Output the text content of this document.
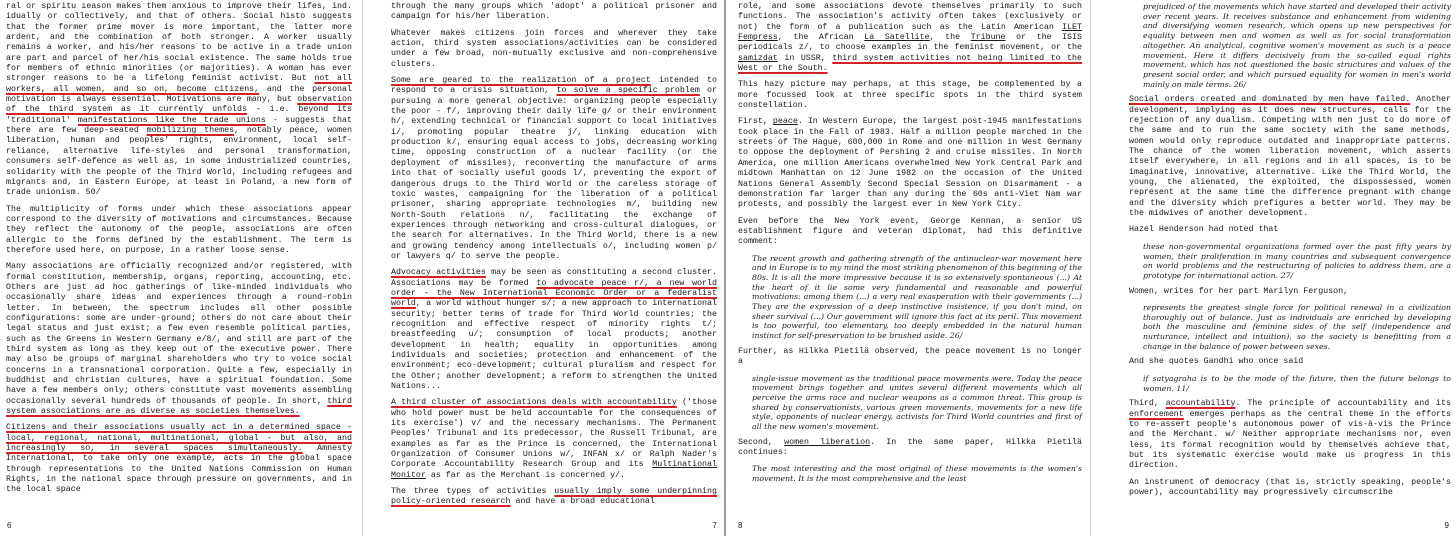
ral or spiritu ıeason makes them anxious to improve their lifes, ind. idually or collectively, and that of others. Social histo suggests that the former prime mover is more important, the latter more ardent, and the combination of both stronger. A worker usually remains a worker, and his/her reasons to be active in a trade union are part and parcel of her/his social existence. The same holds true for members of ethnic minorities (or majorities). A woman has ever stronger reasons to be a lifelong feminist activist. But not all workers, all women, and so on, become citizens, and the personal motivation is always essential. Motivations are many, but observation of the third system as it currently unfolds - i.e. beyond its 'traditional' manifestations like the trade unions - suggests that there are few deep-seated mobilizing themes, notably peace, women liberation, human and peoples' rights, environment, local self-reliance, alternative life-styles and personal transformation, consumers self-defence as well as, in some industrialized countries, solidarity with the people of the Third World, including refugees and migrants and, in Eastern Europe, at least in Poland, a new form of trade unionism. 50/

The multiplicity of forms under which these associations appear correspond to the diversity of motivations and circumstances. Because they reflect the autonomy of the people, associations are often allergic to the forms defined by the establishment. The term is therefore used here, on purpose, in a rather loose sense.

Many associations are officially recognized and/or registered, with formal constitution, membership, organs, reporting, accounting, etc. Others are just ad hoc gatherings of like-minded individuals who occasionally share ideas and experiences through a round-robin letter. In between, the spectrum includes all other possible configurations: some are under-ground; others do not care about their legal status and just exist; a few even resemble political parties, such as the Greens in Western Germany e/8/, and still are part of the third system as long as they keep out of the executive power. There may also be groups of marginal shareholders who try to voice social concerns in a transnational corporation. Quite a few, especially in buddhist and christian cultures, have a spiritual foundation. Some have a few members only; others constitute vast movements assembling occasionally several hundreds of thousands of people. In short, third system associations are as diverse as societies themselves.

Citizens and their associations usually act in a determined space - local, regional, national, multinational, global - but also, and increasingly so, in several spaces simultaneously. Amnesty International, to take only one example, acts in the global space through representations to the United Nations Commission on Human Rights, in the national space through pressure on governments, and in the local space

6

through the many groups which 'adopt' a political prisoner and campaign for his/her liberation.

Whatever makes citizens join forces and wherever they take action, third system associations/activities can be considered under a few broad, non-mutually exclusive and non-comprehensive clusters.

Some are geared to the realization of a project intended to respond to a crisis situation, to solve a specific problem or pursuing a more general objective: organizing people especially the poor - f/, improving their daily life g/ or their environment h/, extending technical or financial support to local initiatives i/, promoting popular theatre j/, linking education with production k/, ensuring equal access to jobs, decreasing working time, opposing construction of a nuclear facility (or the deployment of missiles), reconverting the manufacture of arms into that of socially useful goods l/, preventing the export of dangerous drugs to the Third World or the careless storage of toxic wastes, campaigning for the liberation of a political prisoner, sharing appropriate technologies m/, building new North-South relations n/, facilitating the exchange of experiences through networking and cross-cultural dialogues, or the search for alternatives. In the Third World, there is a new and growing tendency among intellectuals o/, including women p/ or lawyers q/ to serve the people.

Advocacy activities may be seen as constituting a second cluster. Associations may be formed to advocate peace r/, a new world order - the New International Economic Order or a federalist world, a world without hunger s/; a new approach to international security; better terms of trade for Third World countries; the recognition and effective respect of minority rights t/; breastfeeding u/; consumption of local products; another development in health; equality in opportunities among individuals and societies; protection and enhancement of the environment; eco-development; cultural pluralism and respect for the Other; another development; a reform to strengthen the United Nations...

A third cluster of associations deals with accountability ('those who hold power must be held accountable for the consequences of its exercise') v/ and the necessary mechanisms. The Permanent Peoples' Tribunal and its predecessor, the Russell Tribunal, are examples as far as the Prince is concerned, the International Organization of Consumer Unions w/, INFAN x/ or Ralph Nader's Corporate Accountability Research Group and its Multinational Monitor as far as the Merchant is concerned y/.

The three types of activities usually imply some underpinning policy-oriented research and have a broad educational

7

role, and some associations devote themselves primarily to such functions. The association's activity often takes (exclusively or not) the form of a publication such as the Latin American ILET Fempress, the African La Satellite, the Tribune or the ISIS periodicals z/, to choose examples in the feminist movement, or the samizdat in USSR, third system activities not being limited to the West or the South.

This hazy picture may perhaps, at this stage, be complemented by a more focussed look at three specific spots in the third system constellation.

First, peace. In Western Europe, the largest post-1945 manifestations took place in the Fall of 1983. Half a million people marched in the streets of The Hague, 600,000 in Rome and one million in West Germany to oppose the deployment of Pershing 2 and cruise missiles. In North America, one million Americans overwhelmed New York Central Park and midtown Manhattan on 12 June 1982 on the occasion of the United Nations General Assembly Second Special Session on Disarmament - a demonstration far larger than any during the 60s anti-Viet Nam war protests, and possibly the largest ever in New York City.

Even before the New York event, George Kennan, a senior US establishment figure and veteran diplomat, had this definitive comment:

The recent growth and gathering strength of the antinuclear-war movement here and in Europe is to my mind the most striking phenomenon of this beginning of the 80s. It is all the more impressive because it is so extensively spontaneous (...) At the heart of it lie some very fundamental and reasonable and powerful motivations: among them (...) a very real exasperation with their governments (...) They are the expression of a deep instinctive insistence, if you don't mind, on sheer survival (...) Our government will ignore this fact at its peril. This movement is too powerful, too elementary, too deeply embedded in the natural human instinct for self-preservation to be brushed aside. 26/

Further, as Hilkka Pietilä observed, the peace movement is no longer a

single-issue movement as the traditional peace movements were. Today the peace movement brings together and unites several different movements which all perceive the arms race and nuclear weapons as a common threat. This group is shared by conservationists, various green movements, movements for a new life style, opponents of nuclear energy, activists for Third World countries and first of all the new women's movement.

Second, women liberation. In the same paper, Hilkka Pietilä continues:

The most interesting and the most original of these movements is the women's movement. It is the most comprehensive and the least

8

prejudiced of the movements which have started and developed their activity over recent years. It receives substance and enhancement from widening and diversifying women research, which opens up new perspectives for equality between men and women as well as for social transformation altogether. An analytical, cognitive women's movement as such is a peace movement. Here it differs decisively from the so-called equal rights movement, which has not questioned the basic structures and values of the present social order, and which pursued equality for women in men's world mainly on male terms. 26/

Social orders created and dominated by men have failed. Another development, implying as it does new structures, calls for the rejection of any dualism. Competing with men just to do more of the same and to run the same society with the same methods, women would only reproduce outdated and inappropriate patterns. The chance of the women liberation movement, which asserts itself everywhere, in all regions and in all spaces, is to be imaginative, innovative, alternative. Like the Third World, the young, the alienated, the exploited, the dispossessed, women represent at the same time the difference pregnant with change and the diversity which prefigures a better world. They may be the midwives of another development.

Hazel Henderson had noted that

these non-governmental organizations formed over the past fifty years by women, their proliferation in many countries and subsequent convergence on world problems and the restructuring of policies to address them, are a prototype for international action. 27/

Women, writes for her part Marilyn Ferguson,

represents the greatest single force for political renewal in a civilization thoroughly out of balance. Just as individuals are enriched by developing both the masculine and feminine sides of the self (independence and nurturance, intellect and intuition), so the society is benefitting from a change in the balance of power between sexes.

And she quotes Gandhi who once said

if satyagraha is to be the mode of the future, then the future belongs to women. 11/

Third, accountability. The principle of accountability and its enforcement emerges perhaps as the central theme in the efforts to re-assert people's autonomous power of vis-à-vis the Prince and the Merchant. w/ Neither appropriate mechanisms nor, even less, its formal recognition would by themselves achieve that, but its systematic exercise would make us progress in this direction.

An instrument of democracy (that is, strictly speaking, people's power), accountability may progressively circumscribe

9
